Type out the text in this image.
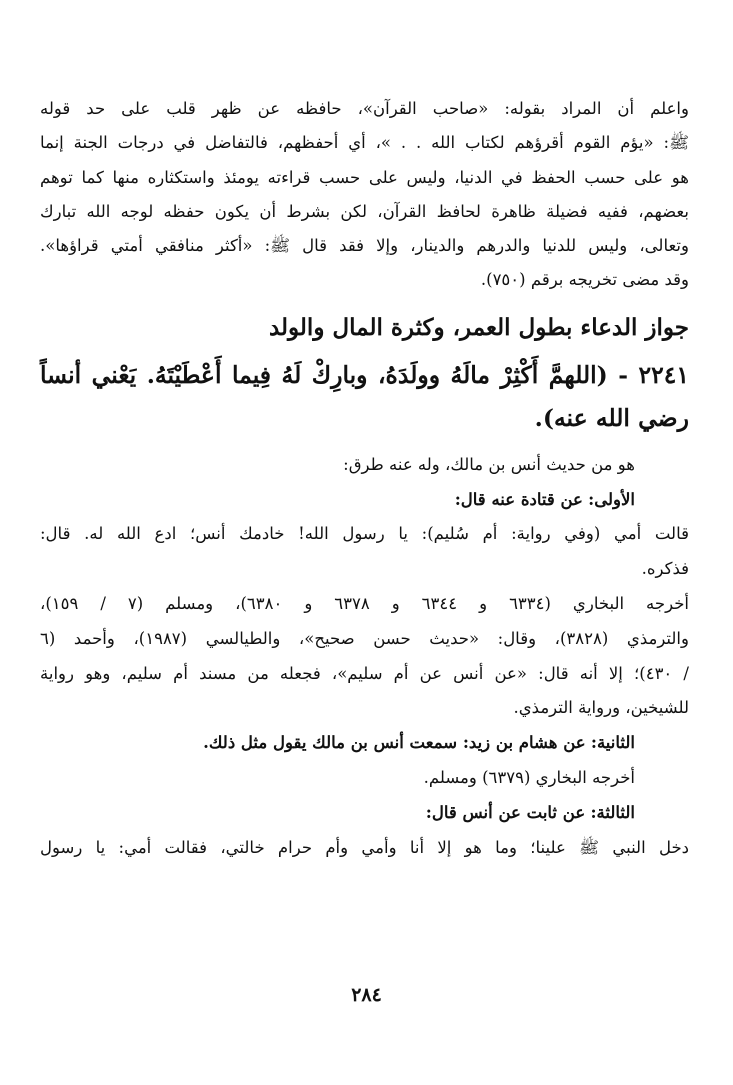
واعلم أن المراد بقوله: «صاحب القرآن»، حافظه عن ظهر قلب على حد قوله

ﷺ: «يؤم القوم أقرؤهم لكتاب الله . . »، أي أحفظهم، فالتفاضل في درجات الجنة إنما

هو على حسب الحفظ في الدنيا، وليس على حسب قراءته يومئذ واستكثاره منها كما توهم

بعضهم، ففيه فضيلة ظاهرة لحافظ القرآن، لكن بشرط أن يكون حفظه لوجه الله تبارك

وتعالى، وليس للدنيا والدرهم والدينار، وإلا فقد قال ﷺ: «أكثر منافقي أمتي قراؤها».

وقد مضى تخريجه برقم (٧٥٠).

جواز الدعاء بطول العمر، وكثرة المال والولد

٢٢٤١ - (اللهمَّ أَكْثِرْ مالَهُ وولَدَهُ، وبارِكْ لَهُ فِيما أَعْطَيْتَهُ. يَعْني أنساً

رضي الله عنه).

هو من حديث أنس بن مالك، وله عنه طرق:

الأولى: عن قتادة عنه قال:

قالت أمي (وفي رواية: أم سُليم): يا رسول الله! خادمك أنس؛ ادع الله له. قال:

فذكره.

أخرجه البخاري (٦٣٣٤ و ٦٣٤٤ و ٦٣٧٨ و ٦٣٨٠)، ومسلم (٧ / ١٥٩)،

والترمذي (٣٨٢٨)، وقال: «حديث حسن صحيح»، والطيالسي (١٩٨٧)، وأحمد (٦

/ ٤٣٠)؛ إلا أنه قال: «عن أنس عن أم سليم»، فجعله من مسند أم سليم، وهو رواية

للشيخين، ورواية الترمذي.

الثانية: عن هشام بن زيد: سمعت أنس بن مالك يقول مثل ذلك.

أخرجه البخاري (٦٣٧٩) ومسلم.

الثالثة: عن ثابت عن أنس قال:

دخل النبي ﷺ علينا؛ وما هو إلا أنا وأمي وأم حرام خالتي، فقالت أمي: يا رسول

٢٨٤
